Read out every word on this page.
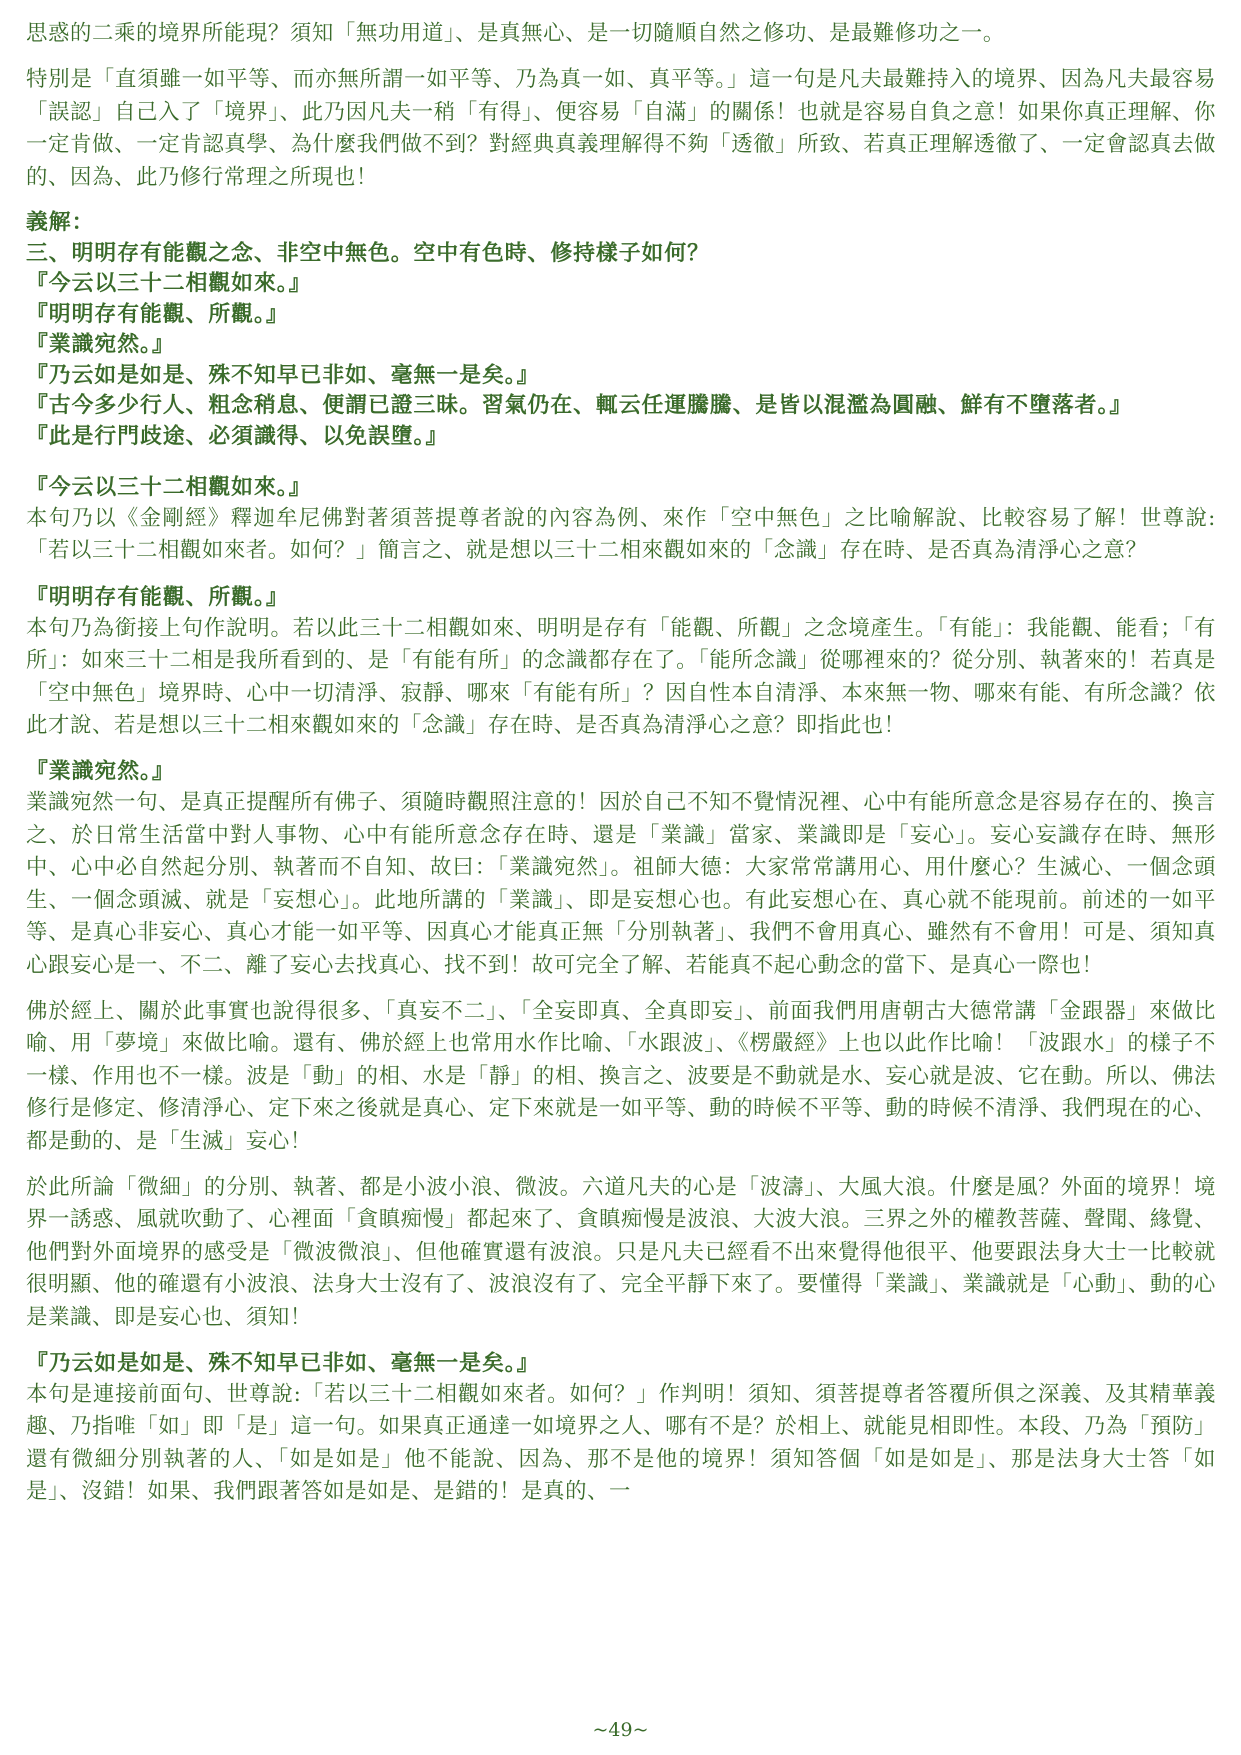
思惑的二乘的境界所能現？須知「無功用道」、是真無心、是一切隨順自然之修功、是最難修功之一。

特別是「直須雖一如平等、而亦無所謂一如平等、乃為真一如、真平等。」這一句是凡夫最難持入的境界、因為凡夫最容易「誤認」自己入了「境界」、此乃因凡夫一稍「有得」、便容易「自滿」的關係！也就是容易自負之意！如果你真正理解、你一定肯做、一定肯認真學、為什麼我們做不到？對經典真義理解得不夠「透徹」所致、若真正理解透徹了、一定會認真去做的、因為、此乃修行常理之所現也！

義解：

三、明明存有能觀之念、非空中無色。空中有色時、修持樣子如何？

『今云以三十二相觀如來。』

『明明存有能觀、所觀。』

『業識宛然。』

『乃云如是如是、殊不知早已非如、毫無一是矣。』

『古今多少行人、粗念稍息、便謂已證三昧。習氣仍在、輒云任運騰騰、是皆以混濫為圓融、鮮有不墮落者。』

『此是行門歧途、必須識得、以免誤墮。』

『今云以三十二相觀如來。』

本句乃以《金剛經》釋迦牟尼佛對著須菩提尊者說的內容為例、來作「空中無色」之比喻解說、比較容易了解！世尊說:「若以三十二相觀如來者。如何？」簡言之、就是想以三十二相來觀如來的「念識」存在時、是否真為清淨心之意？

『明明存有能觀、所觀。』

本句乃為銜接上句作說明。若以此三十二相觀如來、明明是存有「能觀、所觀」之念境產生。「有能」：我能觀、能看；「有所」：如來三十二相是我所看到的、是「有能有所」的念識都存在了。「能所念識」從哪裡來的？從分別、執著來的！若真是「空中無色」境界時、心中一切清淨、寂靜、哪來「有能有所」？因自性本自清淨、本來無一物、哪來有能、有所念識？依此才說、若是想以三十二相來觀如來的「念識」存在時、是否真為清淨心之意？即指此也！

『業識宛然。』

業識宛然一句、是真正提醒所有佛子、須隨時觀照注意的！因於自己不知不覺情況裡、心中有能所意念是容易存在的、換言之、於日常生活當中對人事物、心中有能所意念存在時、還是「業識」當家、業識即是「妄心」。妄心妄識存在時、無形中、心中必自然起分別、執著而不自知、故曰：「業識宛然」。祖師大德：大家常常講用心、用什麼心？生滅心、一個念頭生、一個念頭滅、就是「妄想心」。此地所講的「業識」、即是妄想心也。有此妄想心在、真心就不能現前。前述的一如平等、是真心非妄心、真心才能一如平等、因真心才能真正無「分別執著」、我們不會用真心、雖然有不會用！可是、須知真心跟妄心是一、不二、離了妄心去找真心、找不到！故可完全了解、若能真不起心動念的當下、是真心一際也！

佛於經上、關於此事實也說得很多、「真妄不二」、「全妄即真、全真即妄」、前面我們用唐朝古大德常講「金跟器」來做比喻、用「夢境」來做比喻。還有、佛於經上也常用水作比喻、「水跟波」、《楞嚴經》上也以此作比喻！「波跟水」的樣子不一樣、作用也不一樣。波是「動」的相、水是「靜」的相、換言之、波要是不動就是水、妄心就是波、它在動。所以、佛法修行是修定、修清淨心、定下來之後就是真心、定下來就是一如平等、動的時候不平等、動的時候不清淨、我們現在的心、都是動的、是「生滅」妄心！

於此所論「微細」的分別、執著、都是小波小浪、微波。六道凡夫的心是「波濤」、大風大浪。什麼是風？外面的境界！境界一誘惑、風就吹動了、心裡面「貪瞋痴慢」都起來了、貪瞋痴慢是波浪、大波大浪。三界之外的權教菩薩、聲聞、緣覺、他們對外面境界的感受是「微波微浪」、但他確實還有波浪。只是凡夫已經看不出來覺得他很平、他要跟法身大士一比較就很明顯、他的確還有小波浪、法身大士沒有了、波浪沒有了、完全平靜下來了。要懂得「業識」、業識就是「心動」、動的心是業識、即是妄心也、須知！

『乃云如是如是、殊不知早已非如、毫無一是矣。』

本句是連接前面句、世尊說:「若以三十二相觀如來者。如何？」作判明！須知、須菩提尊者答覆所俱之深義、及其精華義趣、乃指唯「如」即「是」這一句。如果真正通達一如境界之人、哪有不是？於相上、就能見相即性。本段、乃為「預防」還有微細分別執著的人、「如是如是」他不能說、因為、那不是他的境界！須知答個「如是如是」、那是法身大士答「如是」、沒錯！如果、我們跟著答如是如是、是錯的！是真的、一

~49~
